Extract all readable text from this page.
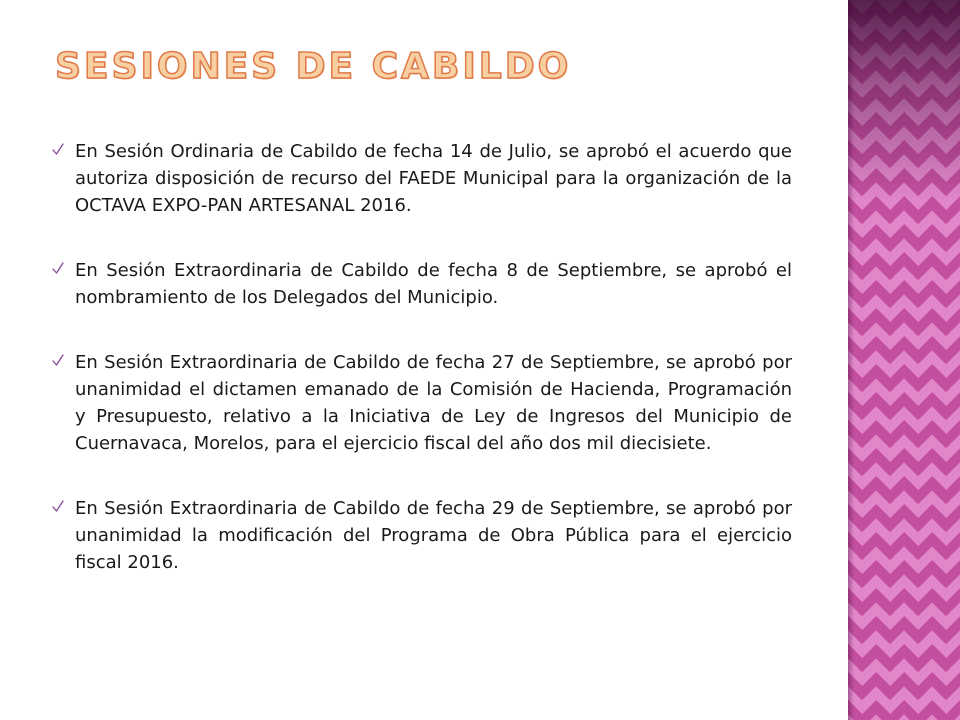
SESIONES DE CABILDO
En Sesión Ordinaria de Cabildo de fecha 14 de Julio, se aprobó el acuerdo que autoriza disposición de recurso del FAEDE Municipal para la organización de la OCTAVA EXPO-PAN ARTESANAL 2016.
En Sesión Extraordinaria de Cabildo de fecha 8 de Septiembre, se aprobó el nombramiento de los Delegados del Municipio.
En Sesión Extraordinaria de Cabildo de fecha 27 de Septiembre, se aprobó por unanimidad el dictamen emanado de la Comisión de Hacienda, Programación y Presupuesto, relativo a la Iniciativa de Ley de Ingresos del Municipio de Cuernavaca, Morelos, para el ejercicio fiscal del año dos mil diecisiete.
En Sesión Extraordinaria de Cabildo de fecha 29 de Septiembre, se aprobó por unanimidad la modificación del Programa de Obra Pública para el ejercicio fiscal 2016.
